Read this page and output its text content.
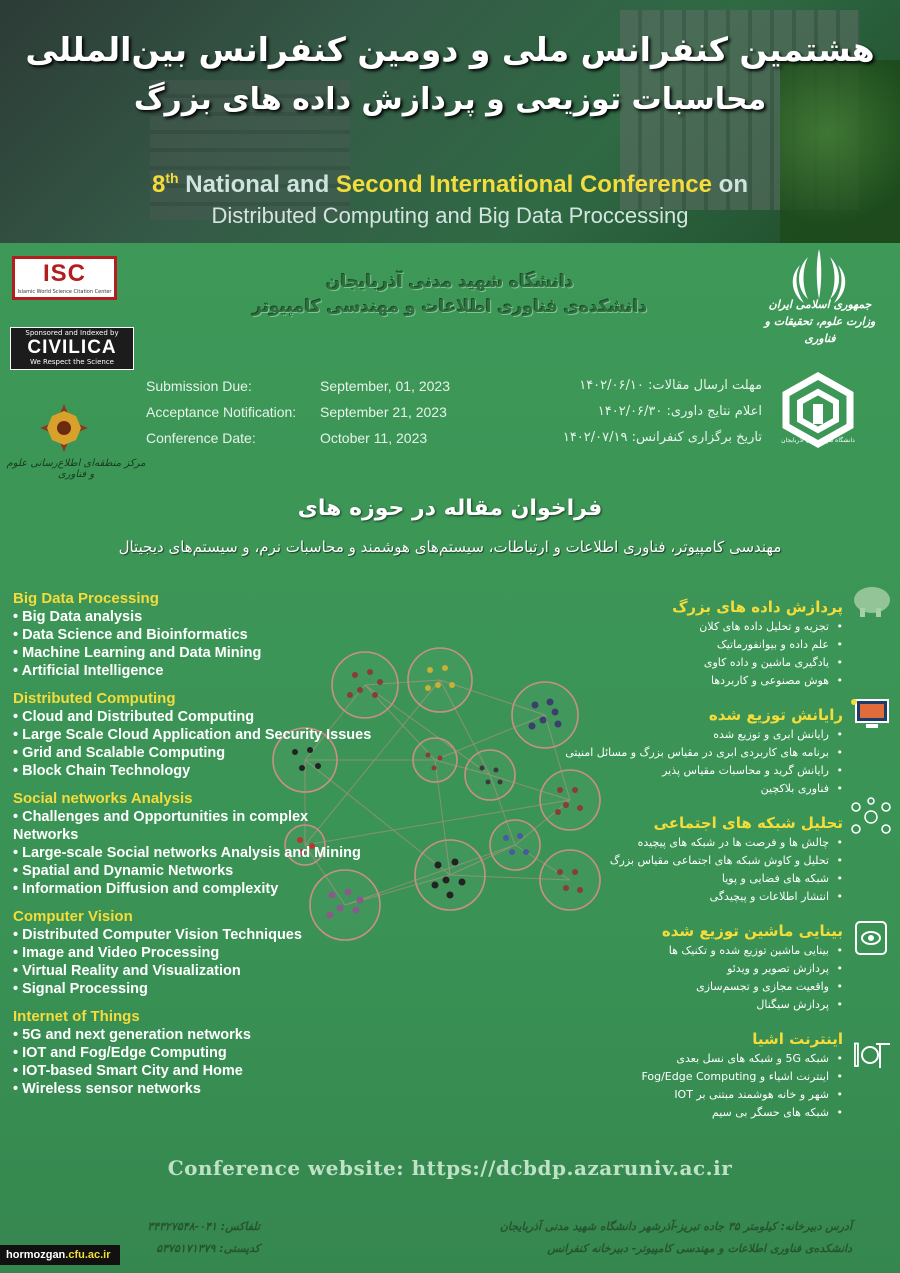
هشتمین کنفرانس ملی و دومین کنفرانس بین‌المللی
محاسبات توزیعی و پردازش داده های بزرگ
8th National and Second International Conference on
Distributed Computing and Big Data Proccessing
ISC
Islamic World Science Citation Center
Sponsored and Indexed by
CIVILICA
We Respect the Science
مرکز منطقه‌ای اطلاع‌رسانی علوم و فناوری
دانشگاه شهید مدنی آذربایجان
دانشکده‌ی فناوری اطلاعات و مهندسی کامپیوتر	جمهوری اسلامی ایران
وزارت علوم، تحقیقات و فناوری
دانشگاه شهید مدنی آذربایجان
Submission Due:	September, 01, 2023	مهلت ارسال مقالات: ۱۴۰۲/۰۶/۱۰
Acceptance Notification: September 21, 2023	اعلام نتایج داوری: ۱۴۰۲/۰۶/۳۰
Conference Date:	October 11, 2023	تاریخ برگزاری کنفرانس: ۱۴۰۲/۰۷/۱۹
فراخوان مقاله در حوزه های
مهندسی کامپیوتر، فناوری اطلاعات و ارتباطات، سیستم‌های هوشمند و محاسبات نرم، و سیستم‌های دیجیتال
Big Data Processing
• Big Data analysis
• Data Science and Bioinformatics
• Machine Learning and Data Mining
• Artificial Intelligence
Distributed Computing
• Cloud and Distributed Computing
• Large Scale Cloud Application and Security Issues
• Grid and Scalable Computing
• Block Chain Technology
Social networks Analysis
• Challenges and Opportunities in complex Networks
• Large-scale Social networks Analysis and Mining
• Spatial and Dynamic Networks
• Information Diffusion and complexity
Computer Vision
• Distributed Computer Vision Techniques
• Image and Video Processing
• Virtual Reality and Visualization
• Signal Processing
Internet of Things
• 5G and next generation networks
• IOT and Fog/Edge Computing
• IOT-based Smart City and Home
• Wireless sensor networks
پردازش داده های بزرگ
• تجزیه و تحلیل داده های کلان
• علم داده و بیوانفورماتیک
• یادگیری ماشین و داده کاوی
• هوش مصنوعی و کاربردها
رایانش توزیع شده
• رایانش ابری و توزیع شده
• برنامه های کاربردی ابری در مقیاس بزرگ و مسائل امنیتی
• رایانش گرید و محاسبات مقیاس پذیر
• فناوری بلاکچین
تحلیل شبکه های اجتماعی
• چالش ها و فرصت ها در شبکه های پیچیده
• تحلیل و کاوش شبکه های اجتماعی مقیاس بزرگ
• شبکه های فضایی و پویا
• انتشار اطلاعات و پیچیدگی
بینایی ماشین توزیع شده
• بینایی ماشین توزیع شده و تکنیک ها
• پردازش تصویر و ویدئو
• واقعیت مجازی و تجسم‌سازی
• پردازش سیگنال
اینترنت اشیا
• شبکه 5G و شبکه های نسل بعدی
• اینترنت اشیاء و Fog/Edge Computing
• شهر و خانه هوشمند مبتنی بر IOT
• شبکه های حسگر بی سیم
I
Conference website: https://dcbdp.azaruniv.ac.ir
آدرس دبیرخانه: کیلومتر ۳۵ جاده تبریز-آذرشهر دانشگاه شهید مدنی آذربایجان
دانشکده‌ی فناوری اطلاعات و مهندسی کامپیوتر- دبیرخانه کنفرانس
تلفاکس: ۰۴۱-۳۴۳۲۷۵۴۸
کدپستی: ۵۳۷۵۱۷۱۳۷۹
hormozgan.cfu.ac.ir
